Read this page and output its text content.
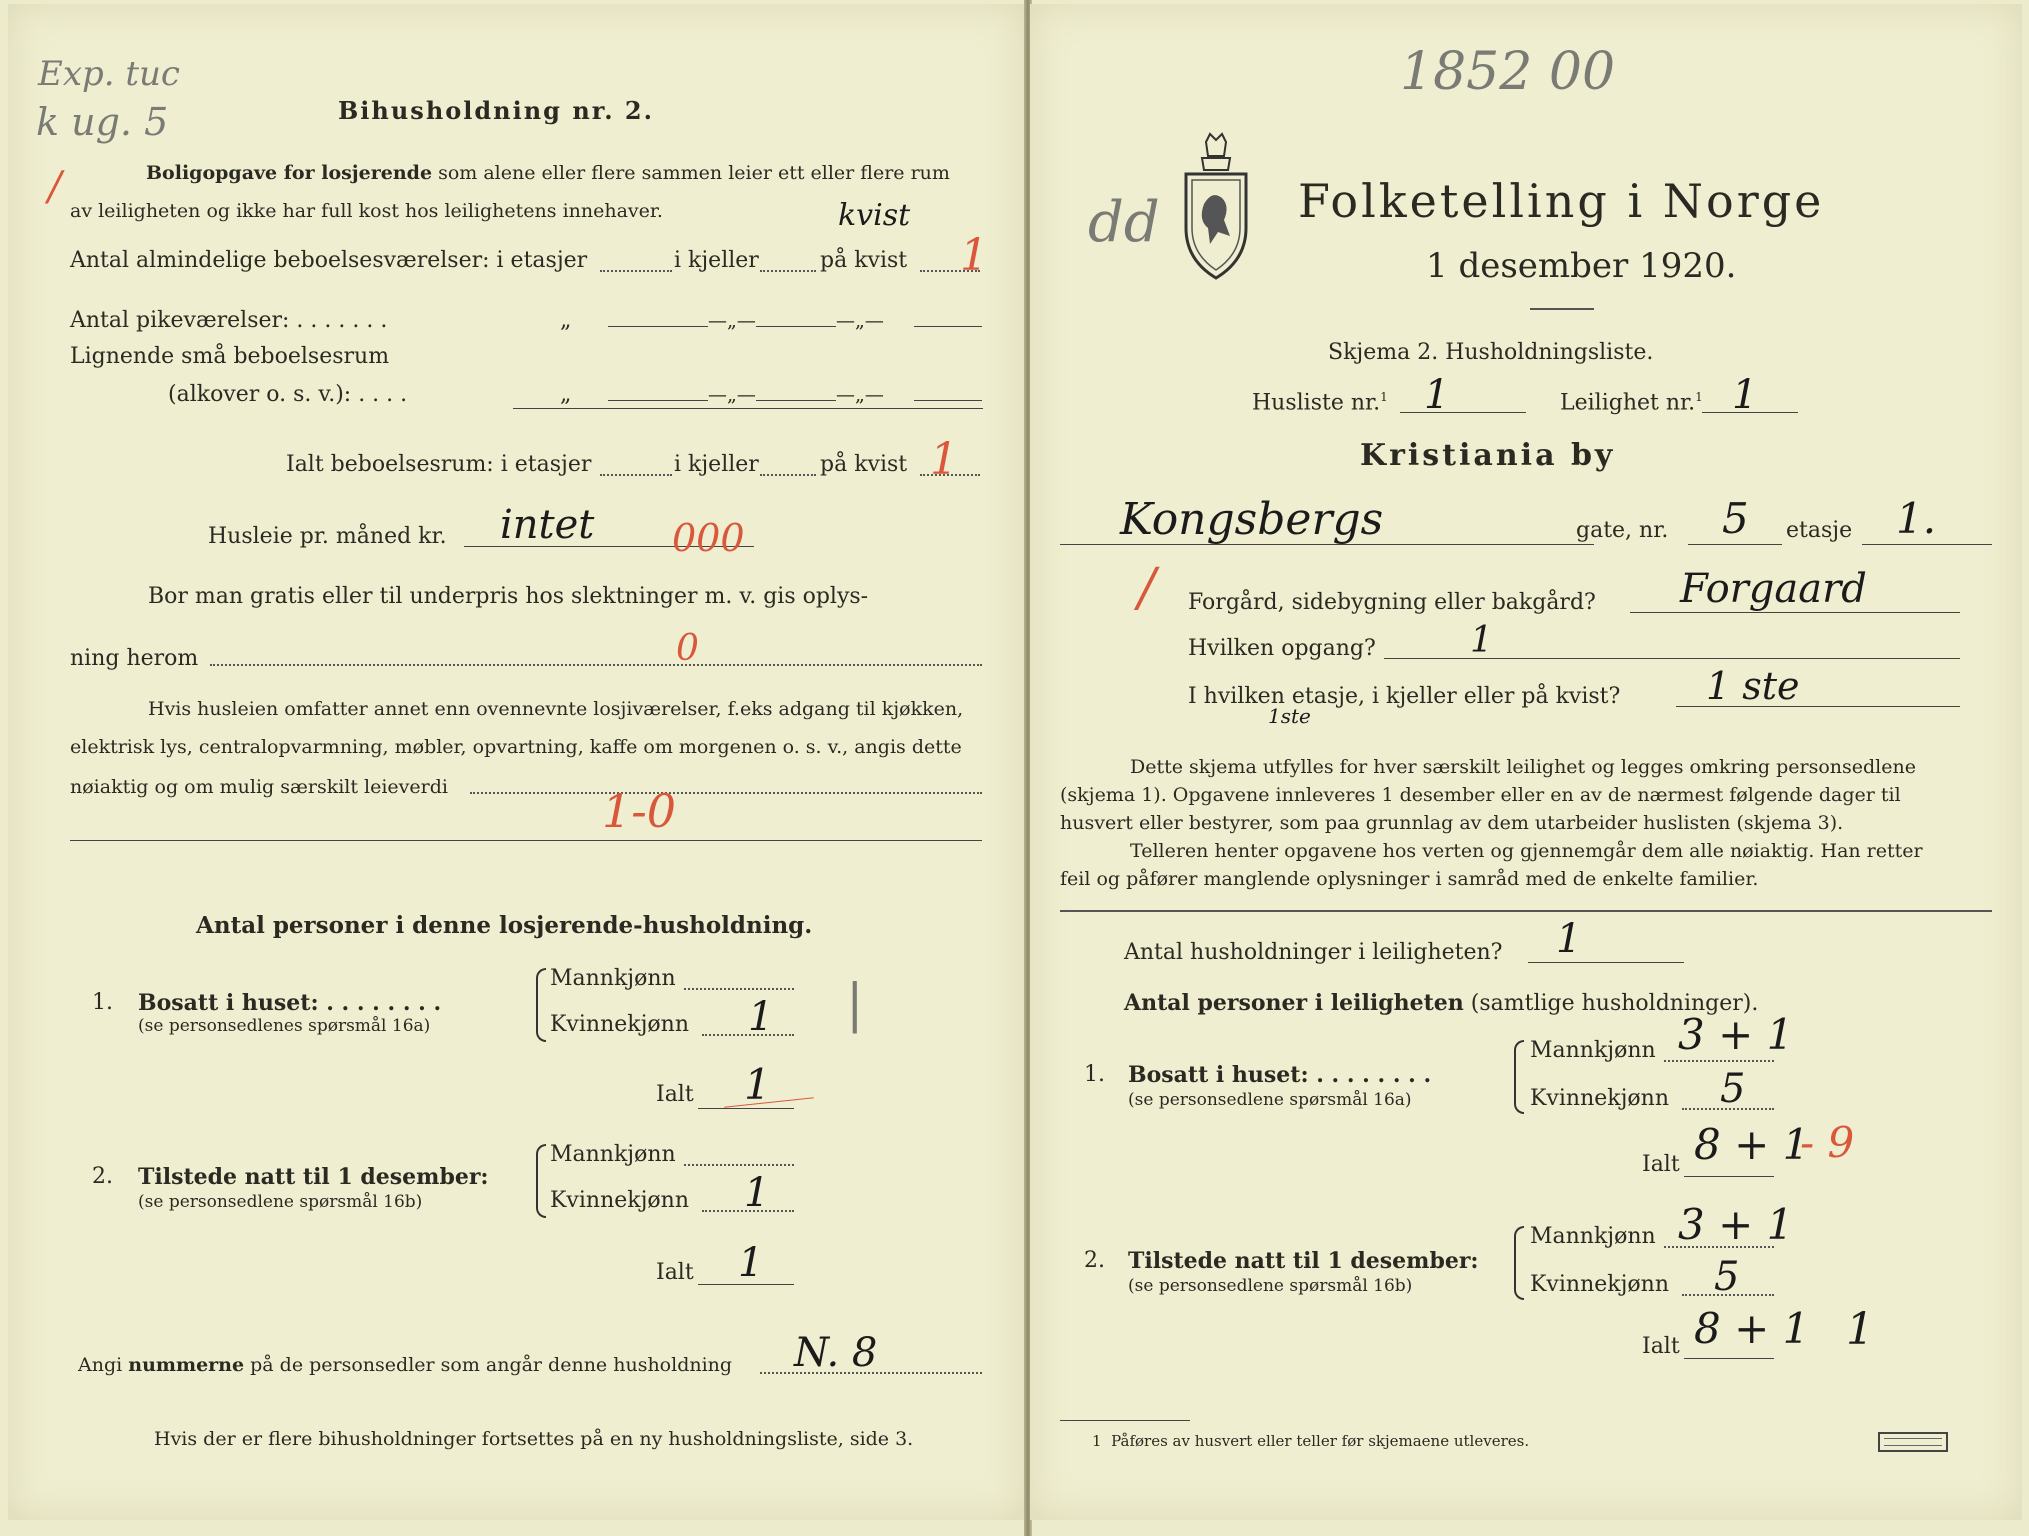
Exp. tuc
k ug. 5
/
Bihusholdning nr. 2.
Boligopgave for losjerende som alene eller flere sammen leier ett eller flere rum
av leiligheten og ikke har full kost hos leilighetens innehaver.	kvist
Antal almindelige beboelsesværelser: i etasjer	i kjeller	på kvist 1
Antal pikeværelser: . . . . . . .	„	—„—	—„—
Lignende små beboelsesrum
(alkover o. s. v.): . . . .	„	—„—	—„—
Ialt beboelsesrum: i etasjer	i kjeller	på kvist 1
Husleie pr. måned kr. intet 000
Bor man gratis eller til underpris hos slektninger m. v. gis oplys-
ning herom	0
Hvis husleien omfatter annet enn ovennevnte losjiværelser, f.eks adgang til kjøkken,
elektrisk lys, centralopvarmning, møbler, opvartning, kaffe om morgenen o. s. v., angis dette
nøiaktig og om mulig særskilt leieverdi	1-0
Antal personer i denne losjerende-husholdning.
1. Bosatt i huset: . . . . . . . .
(se personsedlenes spørsmål 16a)
Mannkjønn
Kvinnekjønn 1 |
Ialt 1
2. Tilstede natt til 1 desember:
(se personsedlene spørsmål 16b)
Mannkjønn
Kvinnekjønn 1
Ialt 1
Angi nummerne på de personsedler som angår denne husholdning N. 8
Hvis der er flere bihusholdninger fortsettes på en ny husholdningsliste, side 3.
1852 00
dd	Folketelling i Norge
1 desember 1920.
Skjema 2. Husholdningsliste.
Husliste nr.$^1$ 1	Leilighet nr.$^1$ 1
Kristiania by
Kongsbergs	gate, nr. 5 etasje 1.
/ Forgård, sidebygning eller bakgård? Forgaard
Hvilken opgang?	1
I hvilken etasje, i kjeller eller på kvist? 1 ste
1ste
Dette skjema utfylles for hver særskilt leilighet og legges omkring personsedlene
(skjema 1). Opgavene innleveres 1 desember eller en av de nærmest følgende dager til
husvert eller bestyrer, som paa grunnlag av dem utarbeider huslisten (skjema 3).
Telleren henter opgavene hos verten og gjennemgår dem alle nøiaktig. Han retter
feil og påfører manglende oplysninger i samråd med de enkelte familier.
Antal husholdninger i leiligheten? 1
Antal personer i leiligheten (samtlige husholdninger).
1. Bosatt i huset: . . . . . . . .
(se personsedlene spørsmål 16a)
Mannkjønn 3 + 1
Kvinnekjønn 5
Ialt 8 + 1
- 9
2. Tilstede natt til 1 desember:
(se personsedlene spørsmål 16b)
Mannkjønn 3 + 1
Kvinnekjønn 5
Ialt 8 + 1 1
1 Påføres av husvert eller teller før skjemaene utleveres.
